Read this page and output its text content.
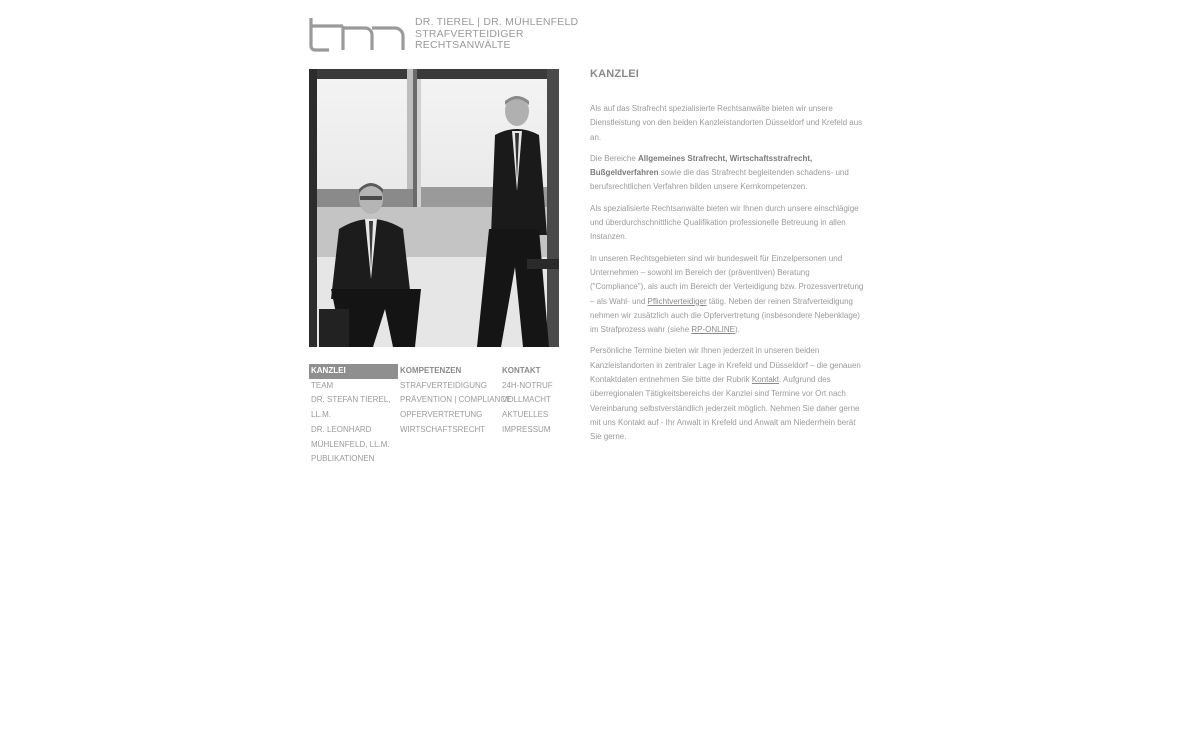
DR. TIEREL | DR. MÜHLENFELD
STRAFVERTEIDIGER
RECHTSANWÄLTE
KANZLEI
TEAM
DR. STEFAN TIEREL,
LL.M.
DR. LEONHARD
MÜHLENFELD, LL.M.
PUBLIKATIONEN
KOMPETENZEN
STRAFVERTEIDIGUNG
PRÄVENTION | COMPLIANCE
OPFERVERTRETUNG
WIRTSCHAFTSRECHT
KONTAKT
24H-NOTRUF
VOLLMACHT
AKTUELLES
IMPRESSUM
KANZLEI

Als auf das Strafrecht spezialisierte Rechtsanwälte bieten wir unsere Dienstleistung von den beiden Kanzleistandorten Düsseldorf und Krefeld aus an.

Die Bereiche Allgemeines Strafrecht, Wirtschaftsstrafrecht, Bußgeldverfahren sowie die das Strafrecht begleitenden schadens- und berufsrechtlichen Verfahren bilden unsere Kernkompetenzen.

Als spezialisierte Rechtsanwälte bieten wir Ihnen durch unsere einschlägige und überdurchschnittliche Qualifikation professionelle Betreuung in allen Instanzen.

In unseren Rechtsgebieten sind wir bundesweit für Einzelpersonen und Unternehmen – sowohl im Bereich der (präventiven) Beratung ("Compliance"), als auch im Bereich der Verteidigung bzw. Prozessvertretung – als Wahl- und Pflichtverteidiger tätig. Neben der reinen Strafverteidigung nehmen wir zusätzlich auch die Opfervertretung (insbesondere Nebenklage) im Strafprozess wahr (siehe RP-ONLINE).

Persönliche Termine bieten wir Ihnen jederzeit in unseren beiden Kanzleistandorten in zentraler Lage in Krefeld und Düsseldorf – die genauen Kontaktdaten entnehmen Sie bitte der Rubrik Kontakt. Aufgrund des überregionalen Tätigkeitsbereichs der Kanzlei sind Termine vor Ort nach Vereinbarung selbstverständlich jederzeit möglich. Nehmen Sie daher gerne mit uns Kontakt auf - Ihr Anwalt in Krefeld und Anwalt am Niederrhein berät Sie gerne.
